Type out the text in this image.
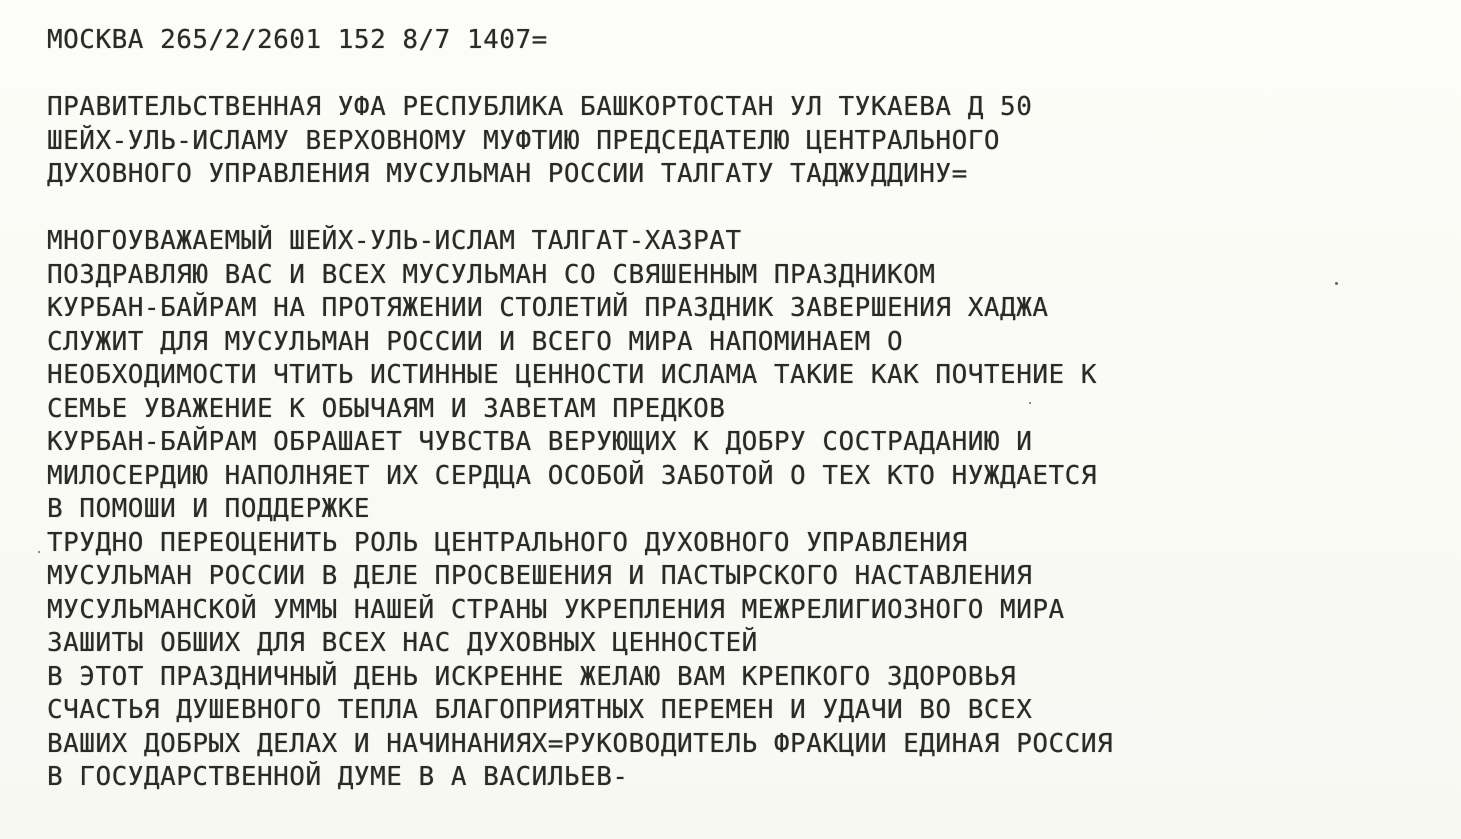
МОСКВА 265/2/2601 152 8/7 1407=
ПРАВИТЕЛЬСТВЕННАЯ УФА РЕСПУБЛИКА БАШКОРТОСТАН УЛ ТУКАЕВА Д 50
ШЕЙХ-УЛЬ-ИСЛАМУ ВЕРХОВНОМУ МУФТИЮ ПРЕДСЕДАТЕЛЮ ЦЕНТРАЛЬНОГО
ДУХОВНОГО УПРАВЛЕНИЯ МУСУЛЬМАН РОССИИ ТАЛГАТУ ТАДЖУДДИНУ=
МНОГОУВАЖАЕМЫЙ ШЕЙХ-УЛЬ-ИСЛАМ ТАЛГАТ-ХАЗРАТ
ПОЗДРАВЛЯЮ ВАС И ВСЕХ МУСУЛЬМАН СО СВЯШЕННЫМ ПРАЗДНИКОМ
КУРБАН-БАЙРАМ НА ПРОТЯЖЕНИИ СТОЛЕТИЙ ПРАЗДНИК ЗАВЕРШЕНИЯ ХАДЖА
СЛУЖИТ ДЛЯ МУСУЛЬМАН РОССИИ И ВСЕГО МИРА НАПОМИНАЕМ О
НЕОБХОДИМОСТИ ЧТИТЬ ИСТИННЫЕ ЦЕННОСТИ ИСЛАМА ТАКИЕ КАК ПОЧТЕНИЕ К
СЕМЬЕ УВАЖЕНИЕ К ОБЫЧАЯМ И ЗАВЕТАМ ПРЕДКОВ
КУРБАН-БАЙРАМ ОБРАШАЕТ ЧУВСТВА ВЕРУЮЩИХ К ДОБРУ СОСТРАДАНИЮ И
МИЛОСЕРДИЮ НАПОЛНЯЕТ ИХ СЕРДЦА ОСОБОЙ ЗАБОТОЙ О ТЕХ КТО НУЖДАЕТСЯ
В ПОМОШИ И ПОДДЕРЖКЕ
ТРУДНО ПЕРЕОЦЕНИТЬ РОЛЬ ЦЕНТРАЛЬНОГО ДУХОВНОГО УПРАВЛЕНИЯ
МУСУЛЬМАН РОССИИ В ДЕЛЕ ПРОСВЕШЕНИЯ И ПАСТЫРСКОГО НАСТАВЛЕНИЯ
МУСУЛЬМАНСКОЙ УММЫ НАШЕЙ СТРАНЫ УКРЕПЛЕНИЯ МЕЖРЕЛИГИОЗНОГО МИРА
ЗАШИТЫ ОБШИХ ДЛЯ ВСЕХ НАС ДУХОВНЫХ ЦЕННОСТЕЙ
В ЭТОТ ПРАЗДНИЧНЫЙ ДЕНЬ ИСКРЕННЕ ЖЕЛАЮ ВАМ КРЕПКОГО ЗДОРОВЬЯ
СЧАСТЬЯ ДУШЕВНОГО ТЕПЛА БЛАГОПРИЯТНЫХ ПЕРЕМЕН И УДАЧИ ВО ВСЕХ
ВАШИХ ДОБРЫХ ДЕЛАХ И НАЧИНАНИЯХ=РУКОВОДИТЕЛЬ ФРАКЦИИ ЕДИНАЯ РОССИЯ
В ГОСУДАРСТВЕННОЙ ДУМЕ В А ВАСИЛЬЕВ-
